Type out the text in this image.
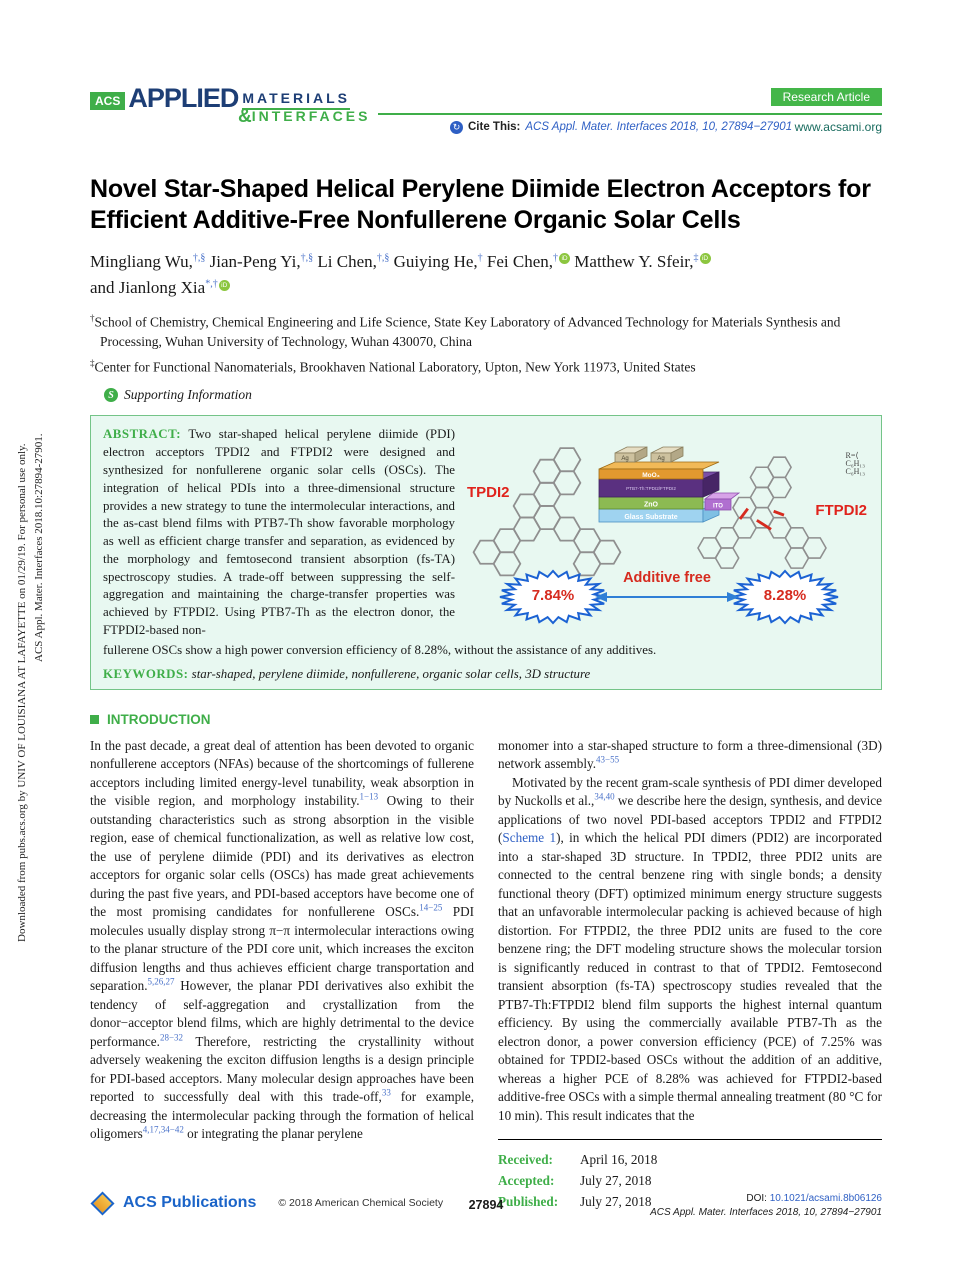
Downloaded from pubs.acs.org by UNIV OF LOUISIANA AT LAFAYETTE on 01/29/19. For personal use only. ACS Appl. Mater. Interfaces 2018.10:27894-27901.
ACS APPLIED MATERIALS
& INTERFACES
Research Article
↻ Cite This: ACS Appl. Mater. Interfaces 2018, 10, 27894−27901 www.acsami.org
Novel Star-Shaped Helical Perylene Diimide Electron Acceptors for Efficient Additive-Free Nonfullerene Organic Solar Cells
Mingliang Wu,†,§ Jian-Peng Yi,†,§ Li Chen,†,§ Guiying He,† Fei Chen,† iD Matthew Y. Sfeir,‡ iD
and Jianlong Xia*,† iD
†School of Chemistry, Chemical Engineering and Life Science, State Key Laboratory of Advanced Technology for Materials Synthesis and Processing, Wuhan University of Technology, Wuhan 430070, China
‡Center for Functional Nanomaterials, Brookhaven National Laboratory, Upton, New York 11973, United States
S Supporting Information
ABSTRACT: Two star-shaped helical perylene diimide (PDI) electron acceptors TPDI2 and FTPDI2 were designed and synthesized for nonfullerene organic solar cells (OSCs). The integration of helical PDIs into a three-dimensional structure provides a new strategy to tune the intermolecular interactions, and the as-cast blend films with PTB7-Th show favorable morphology as well as efficient charge transfer and separation, as evidenced by the morphology and femtosecond transient absorption (fs-TA) spectroscopy studies. A trade-off between suppressing the self-aggregation and maintaining the charge-transfer properties was achieved by FTPDI2. Using PTB7-Th as the electron donor, the FTPDI2-based non-
TPDI2
FTPDI2
R=⟨
C₆H₁₃
C₆H₁₃
Glass Substrate
ITO
ZnO
PTB7-Th:TPDI2/FTPDI2
MoO₃
Ag	Ag
7.84%	8.28%
Additive free
fullerene OSCs show a high power conversion efficiency of 8.28%, without the assistance of any additives.
KEYWORDS: star-shaped, perylene diimide, nonfullerene, organic solar cells, 3D structure
INTRODUCTION

In the past decade, a great deal of attention has been devoted to organic nonfullerene acceptors (NFAs) because of the shortcomings of fullerene acceptors including limited energy-level tunability, weak absorption in the visible region, and morphology instability.$^{1-13}$ Owing to their outstanding characteristics such as strong absorption in the visible region, ease of chemical functionalization, as well as relative low cost, the use of perylene diimide (PDI) and its derivatives as electron acceptors for organic solar cells (OSCs) has made great achievements during the past five years, and PDI-based acceptors have become one of the most promising candidates for nonfullerene OSCs.$^{14-25}$ PDI molecules usually display strong π−π intermolecular interactions owing to the planar structure of the PDI core unit, which increases the exciton diffusion lengths and thus achieves efficient charge transportation and separation.$^{5,26,27}$ However, the planar PDI derivatives also exhibit the tendency of self-aggregation and crystallization from the donor−acceptor blend films, which are highly detrimental to the device performance.$^{28-32}$ Therefore, restricting the crystallinity without adversely weakening the exciton diffusion lengths is a design principle for PDI-based acceptors. Many molecular design approaches have been reported to successfully deal with this trade-off,$^{33}$ for example, decreasing the intermolecular packing through the formation of helical oligomers$^{4,17,34-42}$ or integrating the planar perylene

monomer into a star-shaped structure to form a three-dimensional (3D) network assembly.$^{43-55}$

Motivated by the recent gram-scale synthesis of PDI dimer developed by Nuckolls et al.,$^{34,40}$ we describe here the design, synthesis, and device applications of two novel PDI-based acceptors TPDI2 and FTPDI2 (Scheme 1), in which the helical PDI dimers (PDI2) are incorporated into a star-shaped 3D structure. In TPDI2, three PDI2 units are connected to the central benzene ring with single bonds; a density functional theory (DFT) optimized minimum energy structure suggests that an unfavorable intermolecular packing is achieved because of high distortion. For FTPDI2, the three PDI2 units are fused to the core benzene ring; the DFT modeling structure shows the molecular torsion is significantly reduced in contrast to that of TPDI2. Femtosecond transient absorption (fs-TA) spectroscopy studies revealed that the PTB7-Th:FTPDI2 blend film supports the highest internal quantum efficiency. By using the commercially available PTB7-Th as the electron donor, a power conversion efficiency (PCE) of 7.25% was obtained for TPDI2-based OSCs without the addition of an additive, whereas a higher PCE of 8.28% was achieved for FTPDI2-based additive-free OSCs with a simple thermal annealing treatment (80 °C for 10 min). This result indicates that the

Received:	April 16, 2018
Accepted:	July 27, 2018
Published:	July 27, 2018
ACS Publications © 2018 American Chemical Society	27894	DOI: 10.1021/acsami.8b06126
ACS Appl. Mater. Interfaces 2018, 10, 27894−27901
